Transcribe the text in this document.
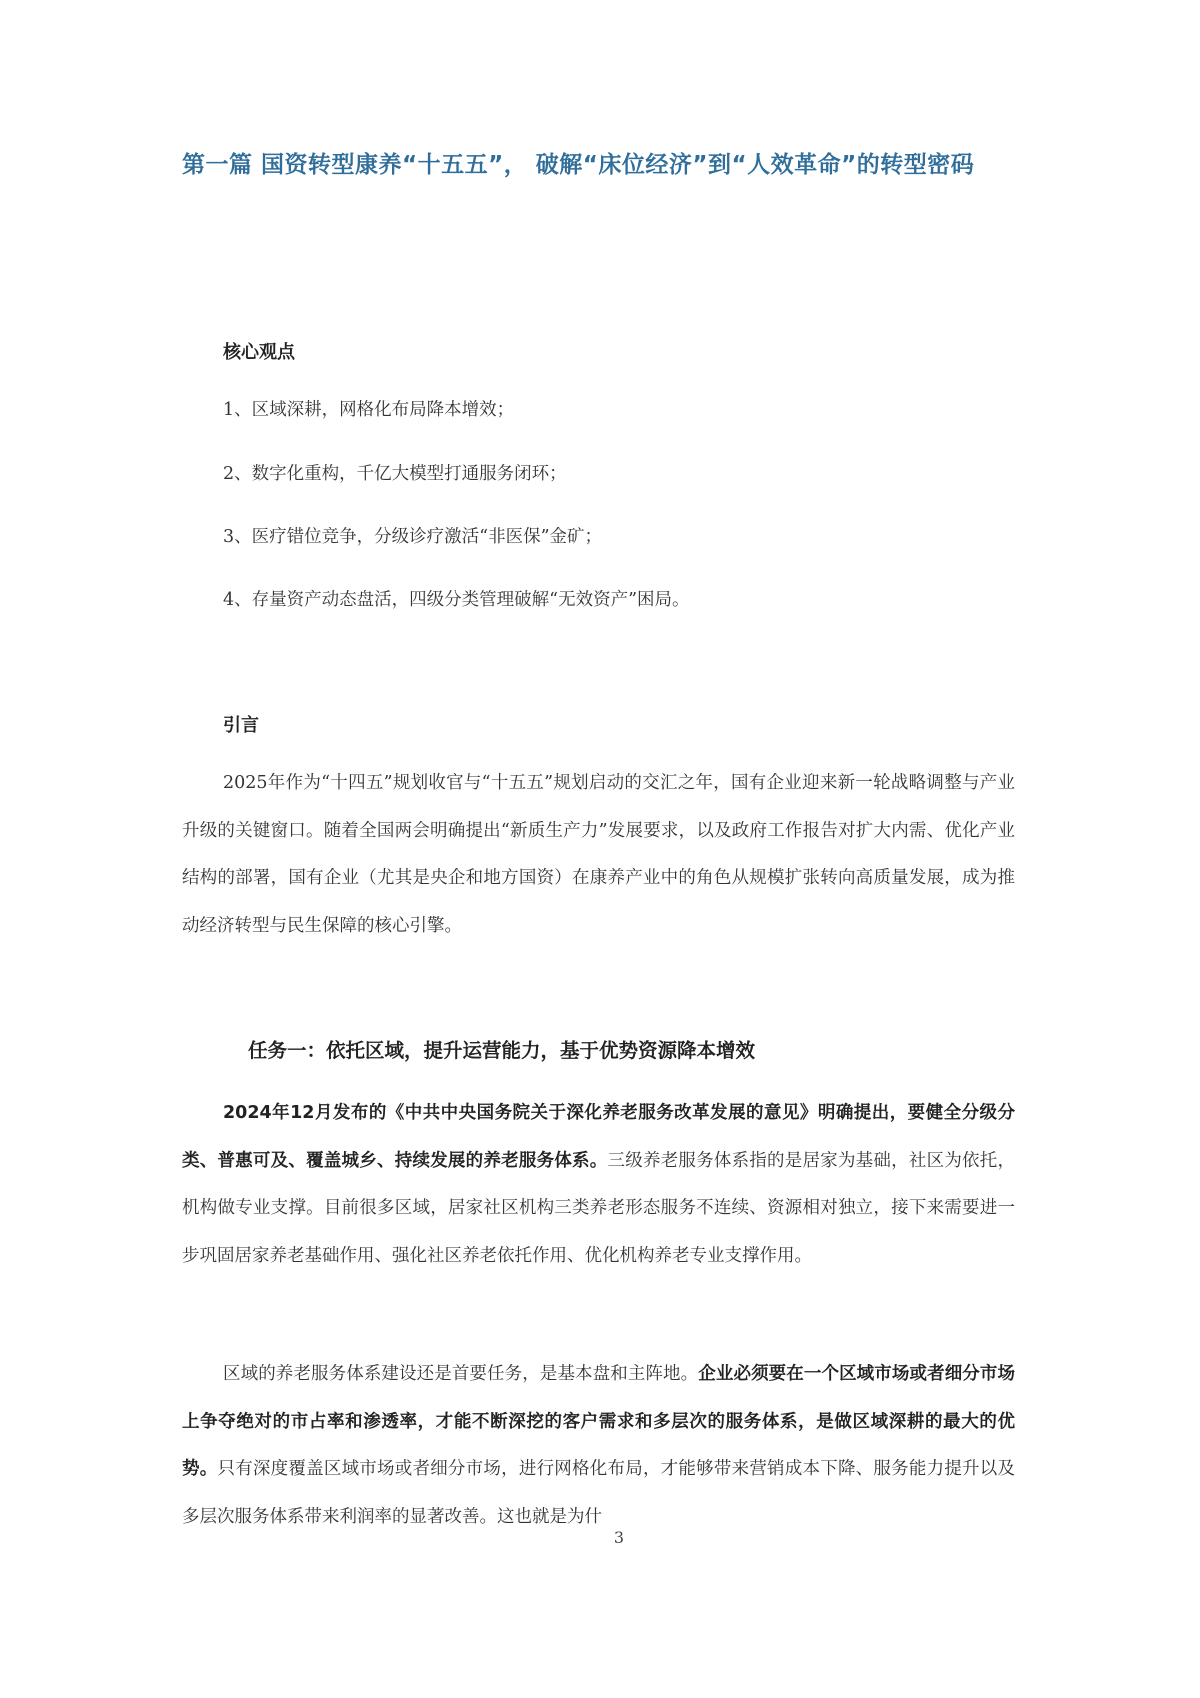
第一篇 国资转型康养“十五五”， 破解“床位经济”到“人效革命”的转型密码
核心观点
1、区域深耕，网格化布局降本增效；
2、数字化重构，千亿大模型打通服务闭环；
3、医疗错位竞争，分级诊疗激活“非医保”金矿；
4、存量资产动态盘活，四级分类管理破解“无效资产”困局。
引言

2025年作为“十四五”规划收官与“十五五”规划启动的交汇之年，国有企业迎来新一轮战略调整与产业升级的关键窗口。随着全国两会明确提出“新质生产力”发展要求，以及政府工作报告对扩大内需、优化产业结构的部署，国有企业（尤其是央企和地方国资）在康养产业中的角色从规模扩张转向高质量发展，成为推动经济转型与民生保障的核心引擎。

任务一：依托区域，提升运营能力，基于优势资源降本增效

2024年12月发布的《中共中央国务院关于深化养老服务改革发展的意见》明确提出，要健全分级分类、普惠可及、覆盖城乡、持续发展的养老服务体系。三级养老服务体系指的是居家为基础，社区为依托，机构做专业支撑。目前很多区域，居家社区机构三类养老形态服务不连续、资源相对独立，接下来需要进一步巩固居家养老基础作用、强化社区养老依托作用、优化机构养老专业支撑作用。

区域的养老服务体系建设还是首要任务，是基本盘和主阵地。企业必须要在一个区域市场或者细分市场上争夺绝对的市占率和渗透率，才能不断深挖的客户需求和多层次的服务体系，是做区域深耕的最大的优势。只有深度覆盖区域市场或者细分市场，进行网格化布局，才能够带来营销成本下降、服务能力提升以及多层次服务体系带来利润率的显著改善。这也就是为什

3
